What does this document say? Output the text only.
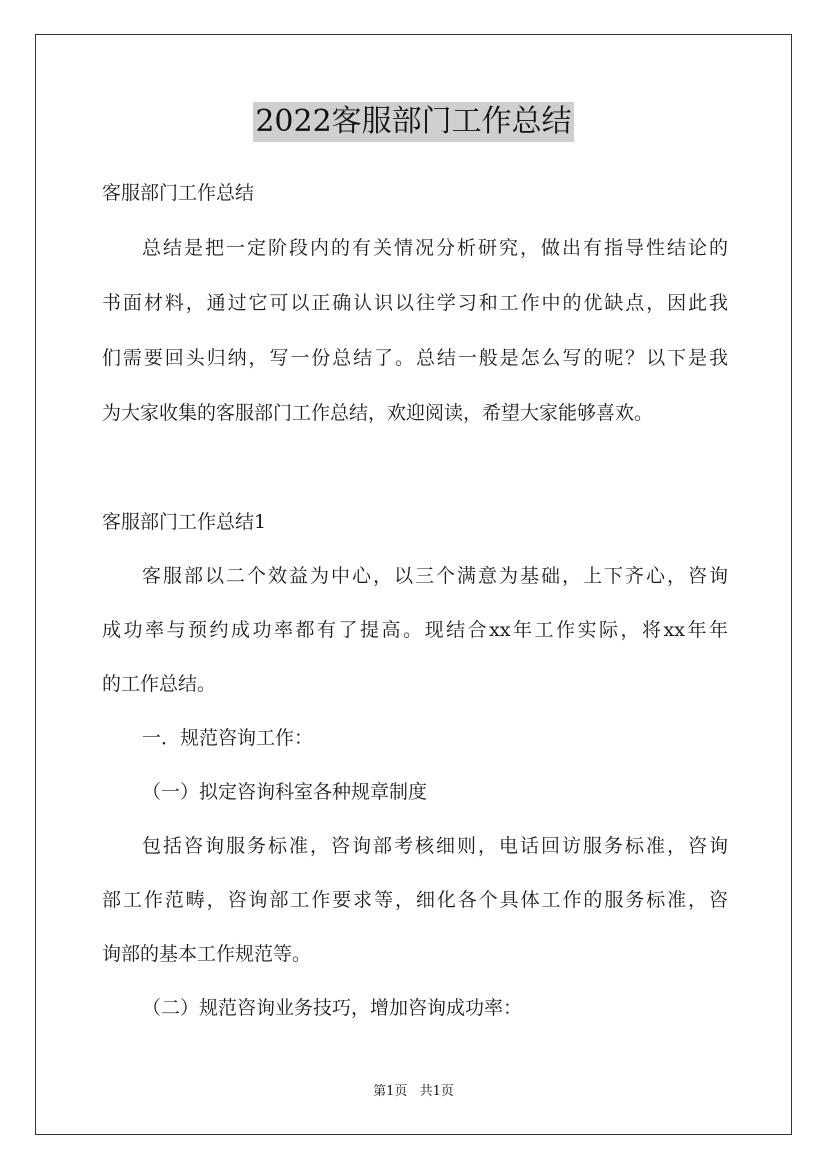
2022客服部门工作总结
客服部门工作总结
总结是把一定阶段内的有关情况分析研究，做出有指导性结论的
书面材料，通过它可以正确认识以往学习和工作中的优缺点，因此我
们需要回头归纳，写一份总结了。总结一般是怎么写的呢？以下是我
为大家收集的客服部门工作总结，欢迎阅读，希望大家能够喜欢。
客服部门工作总结1
客服部以二个效益为中心，以三个满意为基础，上下齐心，咨询
成功率与预约成功率都有了提高。现结合xx年工作实际，将xx年年
的工作总结。
一．规范咨询工作：
（一）拟定咨询科室各种规章制度
包括咨询服务标准，咨询部考核细则，电话回访服务标准，咨询
部工作范畴，咨询部工作要求等，细化各个具体工作的服务标准，咨
询部的基本工作规范等。
（二）规范咨询业务技巧，增加咨询成功率：
第1页 共1页
